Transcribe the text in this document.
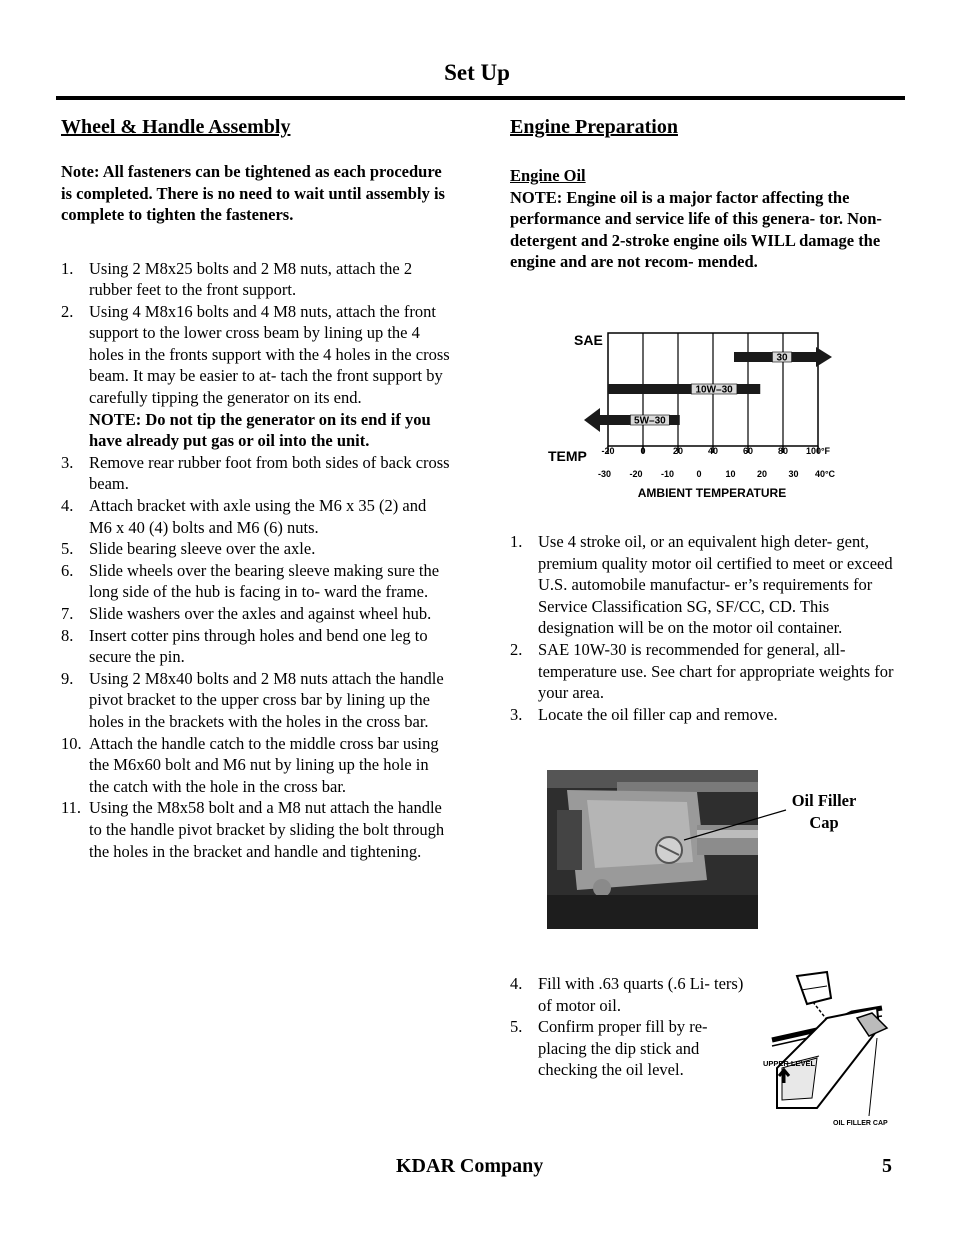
Set Up
Wheel & Handle Assembly

Note: All fasteners can be tightened as each procedure is completed. There is no need to wait until assembly is complete to tighten the fasteners.

1. Using 2 M8x25 bolts and 2 M8 nuts, attach the 2 rubber feet to the front support.
2. Using 4 M8x16 bolts and 4 M8 nuts, attach the front support to the lower cross beam by lining up the 4 holes in the fronts support with the 4 holes in the cross beam. It may be easier to at- tach the front support by carefully tipping the generator on its end.
NOTE: Do not tip the generator on its end if you have already put gas or oil into the unit.
3. Remove rear rubber foot from both sides of back cross beam.
4. Attach bracket with axle using the M6 x 35 (2) and M6 x 40 (4) bolts and M6 (6) nuts.
5. Slide bearing sleeve over the axle.
6. Slide wheels over the bearing sleeve making sure the long side of the hub is facing in to- ward the frame.
7. Slide washers over the axles and against wheel hub.
8. Insert cotter pins through holes and bend one leg to secure the pin.
9. Using 2 M8x40 bolts and 2 M8 nuts attach the handle pivot bracket to the upper cross bar by lining up the holes in the brackets with the holes in the cross bar.
10. Attach the handle catch to the middle cross bar using the M6x60 bolt and M6 nut by lining up the hole in the catch with the hole in the cross bar.
11. Using the M8x58 bolt and a M8 nut attach the handle to the handle pivot bracket by sliding the bolt through the holes in the bracket and handle and tightening.
Engine Preparation

Engine Oil

NOTE: Engine oil is a major factor affecting the performance and service life of this genera- tor. Non-detergent and 2-stroke engine oils WILL damage the engine and are not recom- mended.

30
10W–30
5W–30
SAE
TEMP -20	0	20	40	60	80 100°F
-30 -20 -10 0	10 20 30 40°C
AMBIENT TEMPERATURE
1. Use 4 stroke oil, or an equivalent high deter- gent, premium quality motor oil certified to meet or exceed U.S. automobile manufactur- er’s requirements for Service Classification SG, SF/CC, CD. This designation will be on the motor oil container.
2. SAE 10W-30 is recommended for general, all- temperature use. See chart for appropriate weights for your area.
3. Locate the oil filler cap and remove.
Oil Filler Cap
4. Fill with .63 quarts (.6 Li- ters) of motor oil.
5. Confirm proper fill by re- placing the dip stick and checking the oil level.	UPPER LEVEL
OIL FILLER CAP
KDAR Company	5
